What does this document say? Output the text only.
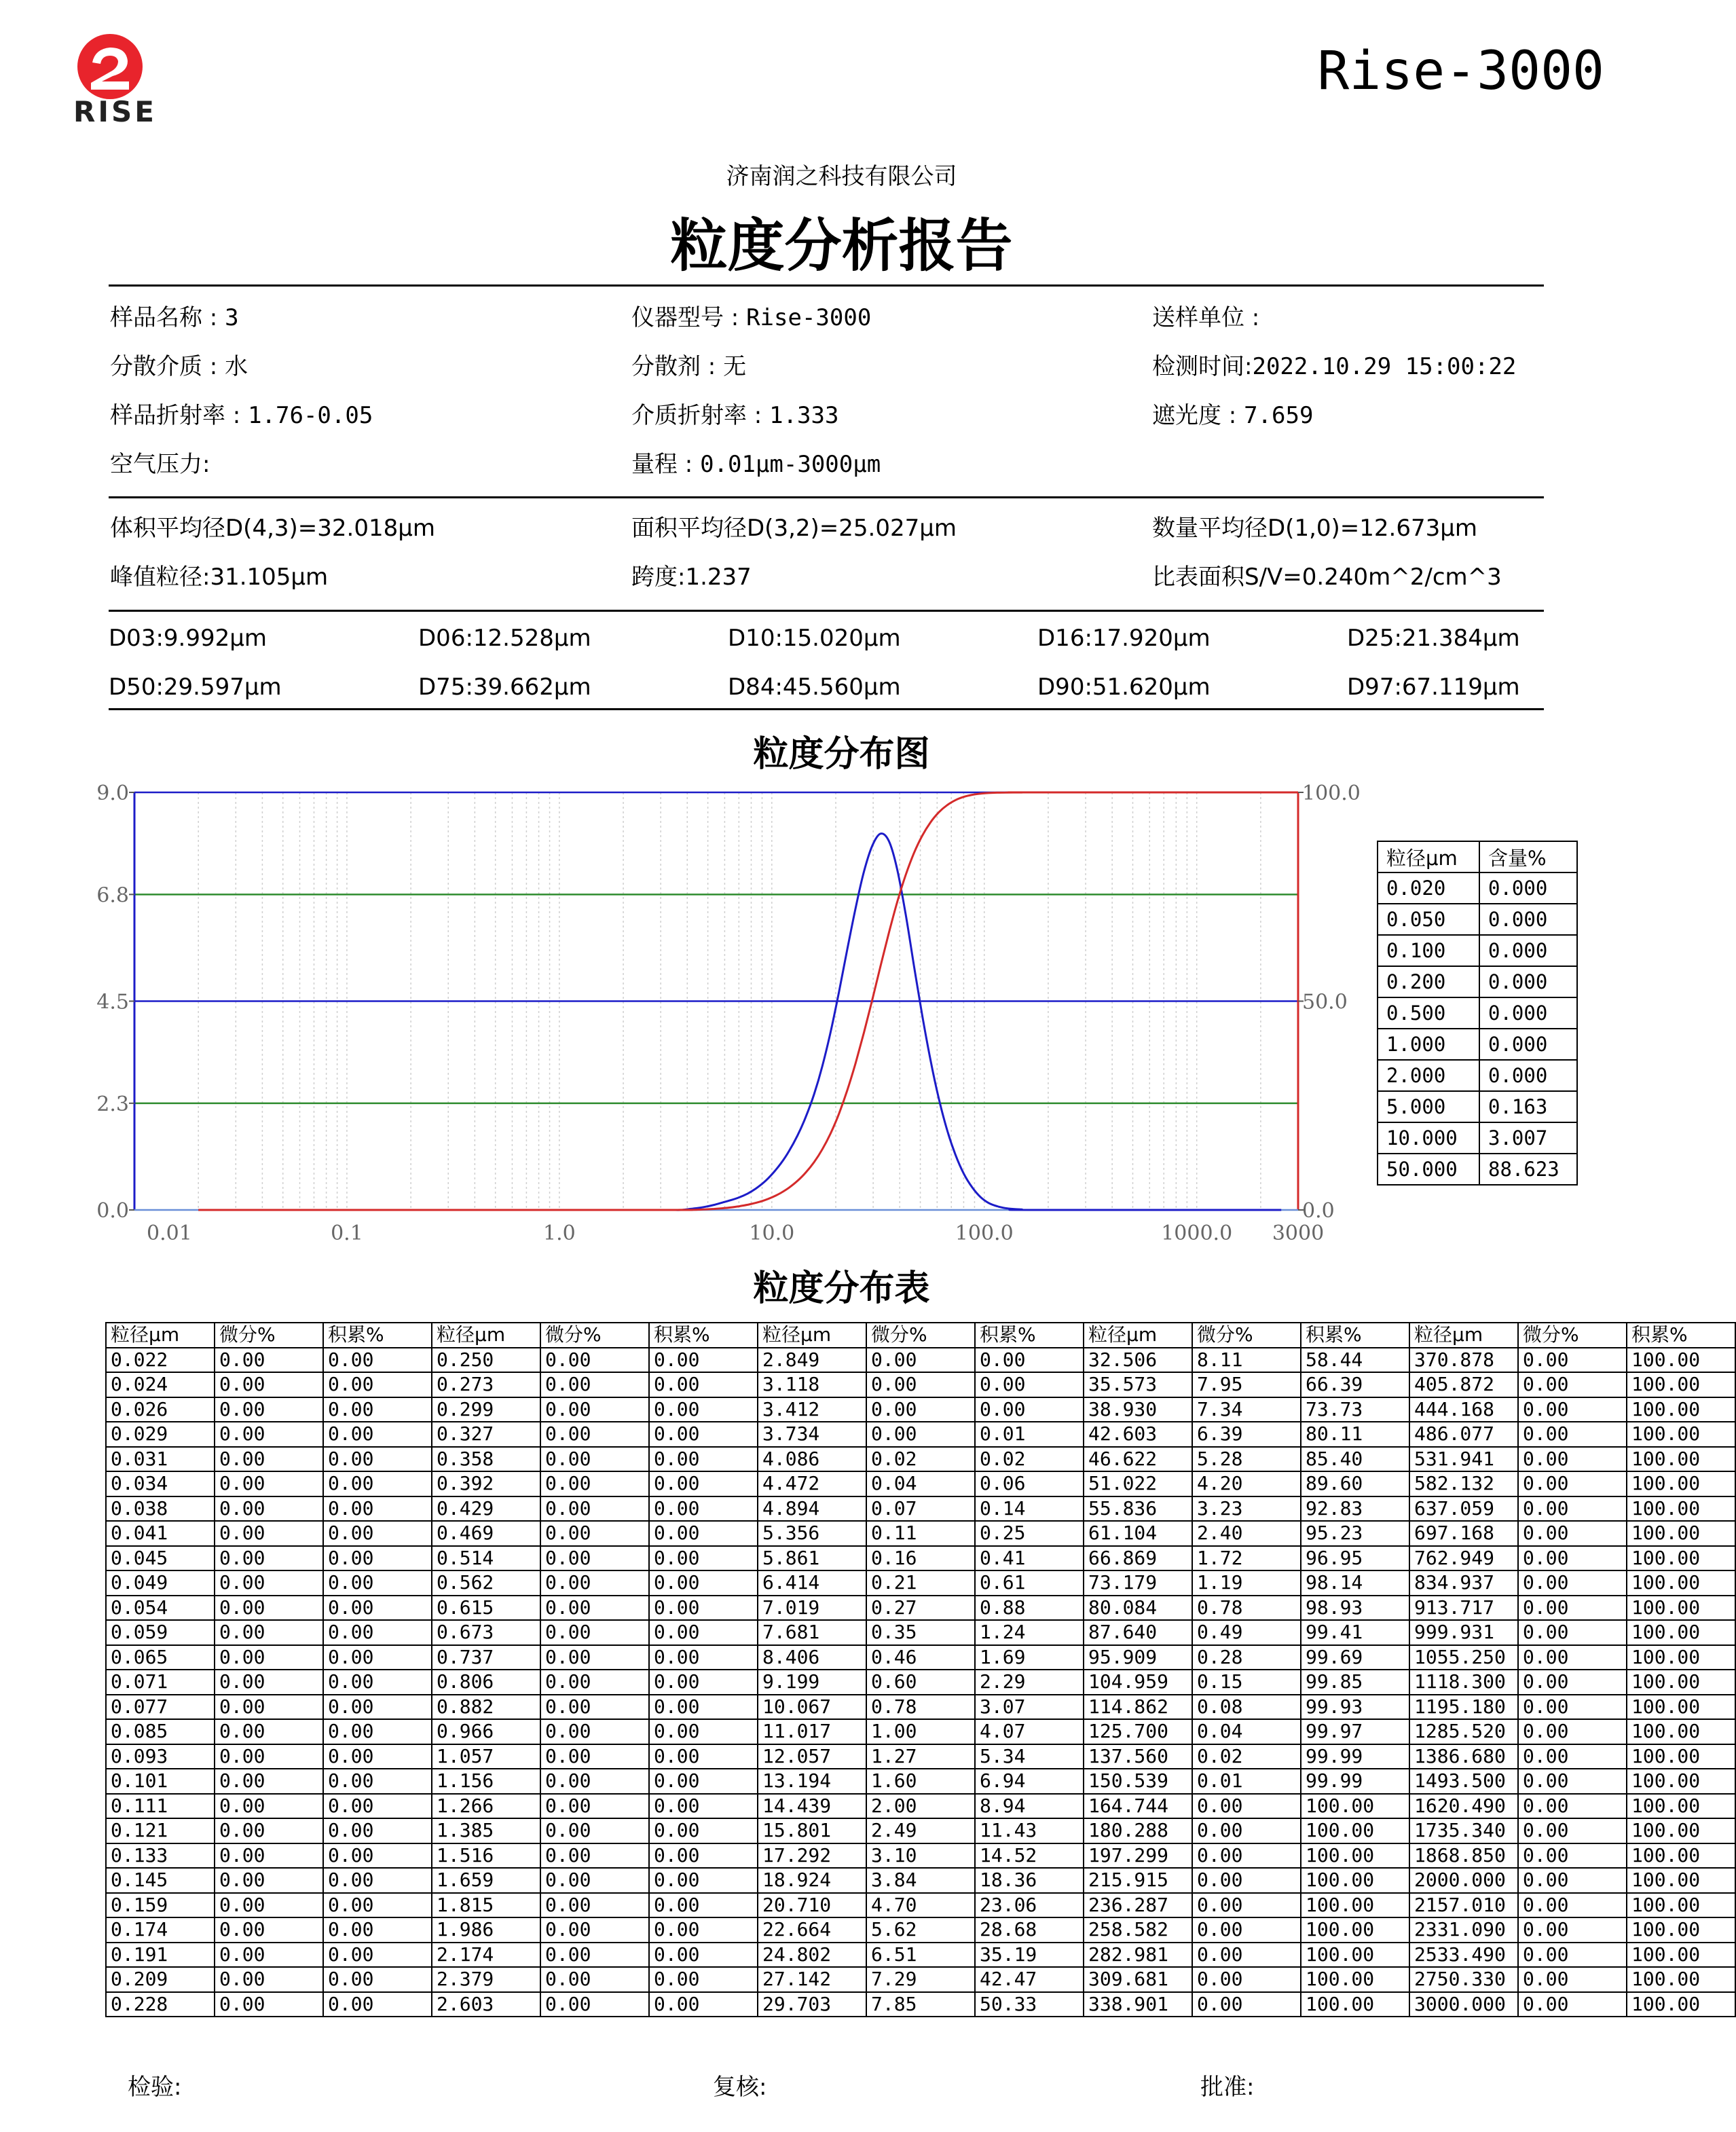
RISE
Rise-3000
济南润之科技有限公司
粒度分析报告
样品名称 : 3	仪器型号 : Rise-3000	送样单位 :
分散介质 : 水	分散剂 : 无	检测时间:2022.10.29 15:00:22
样品折射率 : 1.76-0.05	介质折射率 : 1.333	遮光度 : 7.659
空气压力:	量程 : 0.01μm-3000μm
体积平均径D(4,3)=32.018μm	面积平均径D(3,2)=25.027μm	数量平均径D(1,0)=12.673μm
峰值粒径:31.105μm	跨度:1.237	比表面积S/V=0.240m^2/cm^3
D03:9.992μm	D06:12.528μm	D10:15.020μm	D16:17.920μm	D25:21.384μm
D50:29.597μm	D75:39.662μm	D84:45.560μm	D90:51.620μm	D97:67.119μm
粒度分布图
0.0
2.3
4.5
6.8
9.0
0.0
50.0
100.0
0.01	0.1	1.0	10.0	100.0	1000.0 3000
粒径μm	含量%
0.020	0.000
0.050	0.000
0.100	0.000
0.200	0.000
0.500	0.000
1.000	0.000
2.000	0.000
5.000	0.163
10.000	3.007
50.000	88.623
粒度分布表
粒径μm	微分%	积累%	粒径μm	微分%	积累%	粒径μm	微分%	积累%	粒径μm	微分%	积累%	粒径μm	微分%	积累%
0.022	0.00	0.00	0.250	0.00	0.00	2.849	0.00	0.00	32.506	8.11	58.44	370.878	0.00	100.00
0.024	0.00	0.00	0.273	0.00	0.00	3.118	0.00	0.00	35.573	7.95	66.39	405.872	0.00	100.00
0.026	0.00	0.00	0.299	0.00	0.00	3.412	0.00	0.00	38.930	7.34	73.73	444.168	0.00	100.00
0.029	0.00	0.00	0.327	0.00	0.00	3.734	0.00	0.01	42.603	6.39	80.11	486.077	0.00	100.00
0.031	0.00	0.00	0.358	0.00	0.00	4.086	0.02	0.02	46.622	5.28	85.40	531.941	0.00	100.00
0.034	0.00	0.00	0.392	0.00	0.00	4.472	0.04	0.06	51.022	4.20	89.60	582.132	0.00	100.00
0.038	0.00	0.00	0.429	0.00	0.00	4.894	0.07	0.14	55.836	3.23	92.83	637.059	0.00	100.00
0.041	0.00	0.00	0.469	0.00	0.00	5.356	0.11	0.25	61.104	2.40	95.23	697.168	0.00	100.00
0.045	0.00	0.00	0.514	0.00	0.00	5.861	0.16	0.41	66.869	1.72	96.95	762.949	0.00	100.00
0.049	0.00	0.00	0.562	0.00	0.00	6.414	0.21	0.61	73.179	1.19	98.14	834.937	0.00	100.00
0.054	0.00	0.00	0.615	0.00	0.00	7.019	0.27	0.88	80.084	0.78	98.93	913.717	0.00	100.00
0.059	0.00	0.00	0.673	0.00	0.00	7.681	0.35	1.24	87.640	0.49	99.41	999.931	0.00	100.00
0.065	0.00	0.00	0.737	0.00	0.00	8.406	0.46	1.69	95.909	0.28	99.69	1055.250	0.00	100.00
0.071	0.00	0.00	0.806	0.00	0.00	9.199	0.60	2.29	104.959	0.15	99.85	1118.300	0.00	100.00
0.077	0.00	0.00	0.882	0.00	0.00	10.067	0.78	3.07	114.862	0.08	99.93	1195.180	0.00	100.00
0.085	0.00	0.00	0.966	0.00	0.00	11.017	1.00	4.07	125.700	0.04	99.97	1285.520	0.00	100.00
0.093	0.00	0.00	1.057	0.00	0.00	12.057	1.27	5.34	137.560	0.02	99.99	1386.680	0.00	100.00
0.101	0.00	0.00	1.156	0.00	0.00	13.194	1.60	6.94	150.539	0.01	99.99	1493.500	0.00	100.00
0.111	0.00	0.00	1.266	0.00	0.00	14.439	2.00	8.94	164.744	0.00	100.00	1620.490	0.00	100.00
0.121	0.00	0.00	1.385	0.00	0.00	15.801	2.49	11.43	180.288	0.00	100.00	1735.340	0.00	100.00
0.133	0.00	0.00	1.516	0.00	0.00	17.292	3.10	14.52	197.299	0.00	100.00	1868.850	0.00	100.00
0.145	0.00	0.00	1.659	0.00	0.00	18.924	3.84	18.36	215.915	0.00	100.00	2000.000	0.00	100.00
0.159	0.00	0.00	1.815	0.00	0.00	20.710	4.70	23.06	236.287	0.00	100.00	2157.010	0.00	100.00
0.174	0.00	0.00	1.986	0.00	0.00	22.664	5.62	28.68	258.582	0.00	100.00	2331.090	0.00	100.00
0.191	0.00	0.00	2.174	0.00	0.00	24.802	6.51	35.19	282.981	0.00	100.00	2533.490	0.00	100.00
0.209	0.00	0.00	2.379	0.00	0.00	27.142	7.29	42.47	309.681	0.00	100.00	2750.330	0.00	100.00
0.228	0.00	0.00	2.603	0.00	0.00	29.703	7.85	50.33	338.901	0.00	100.00	3000.000	0.00	100.00
检验:	复核:	批准:
